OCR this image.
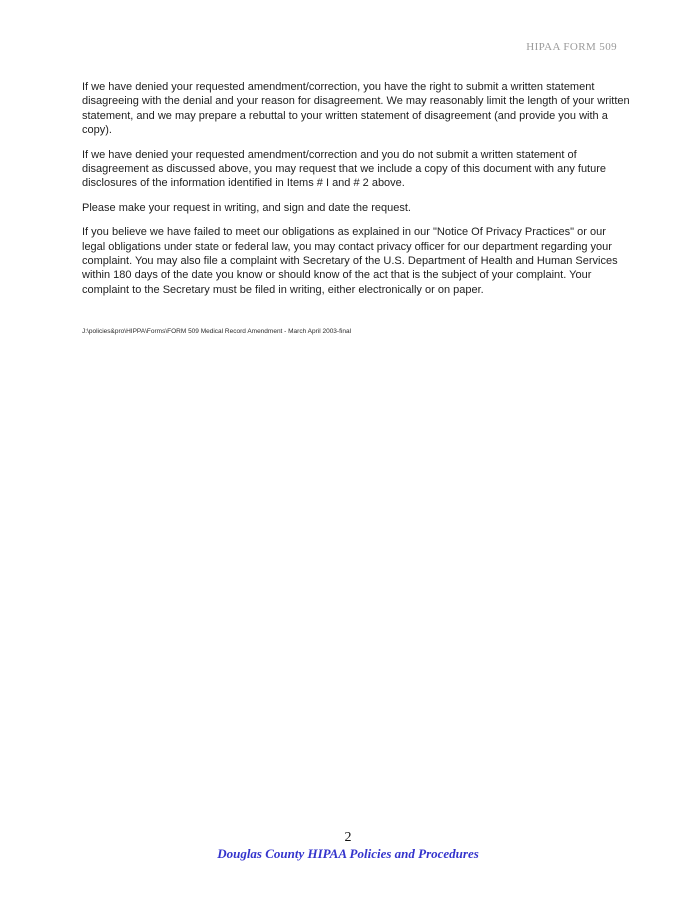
HIPAA FORM 509

If we have denied your requested amendment/correction, you have the right to submit a written statement disagreeing with the denial and your reason for disagreement. We may reasonably limit the length of your written statement, and we may prepare a rebuttal to your written statement of disagreement (and provide you with a copy).

If we have denied your requested amendment/correction and you do not submit a written statement of disagreement as discussed above, you may request that we include a copy of this document with any future disclosures of the information identified in Items # I and # 2 above.

Please make your request in writing, and sign and date the request.

If you believe we have failed to meet our obligations as explained in our "Notice Of Privacy Practices" or our legal obligations under state or federal law, you may contact privacy officer for our department regarding your complaint. You may also file a complaint with Secretary of the U.S. Department of Health and Human Services within 180 days of the date you know or should know of the act that is the subject of your complaint. Your complaint to the Secretary must be filed in writing, either electronically or on paper.

J:\policies&pro\HIPPA\Forms\FORM 509 Medical Record Amendment - March April 2003-final
2
Douglas County HIPAA Policies and Procedures
